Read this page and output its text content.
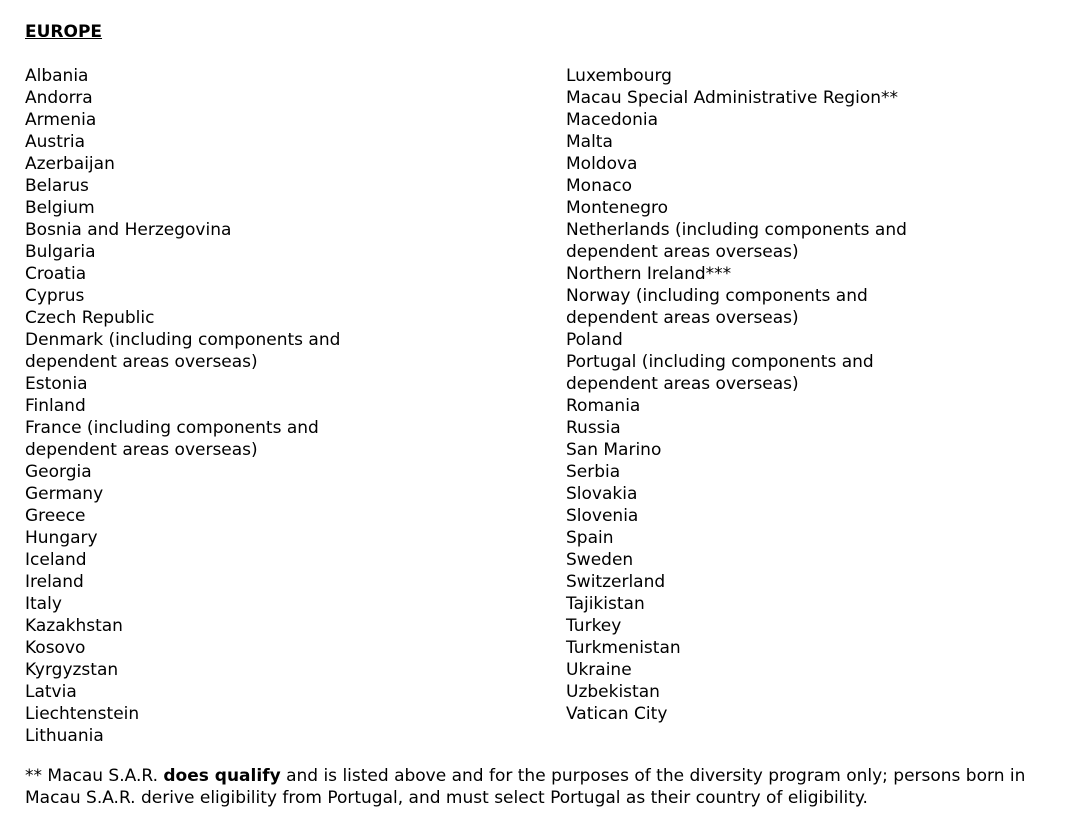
EUROPE
Albania
Andorra
Armenia
Austria
Azerbaijan
Belarus
Belgium
Bosnia and Herzegovina
Bulgaria
Croatia
Cyprus
Czech Republic
Denmark (including components and
dependent areas overseas)
Estonia
Finland
France (including components and
dependent areas overseas)
Georgia
Germany
Greece
Hungary
Iceland
Ireland
Italy
Kazakhstan
Kosovo
Kyrgyzstan
Latvia
Liechtenstein
Lithuania
Luxembourg
Macau Special Administrative Region**
Macedonia
Malta
Moldova
Monaco
Montenegro
Netherlands (including components and
dependent areas overseas)
Northern Ireland***
Norway (including components and
dependent areas overseas)
Poland
Portugal (including components and
dependent areas overseas)
Romania
Russia
San Marino
Serbia
Slovakia
Slovenia
Spain
Sweden
Switzerland
Tajikistan
Turkey
Turkmenistan
Ukraine
Uzbekistan
Vatican City
** Macau S.A.R. does qualify and is listed above and for the purposes of the diversity program only; persons born in Macau S.A.R. derive eligibility from Portugal, and must select Portugal as their country of eligibility.
